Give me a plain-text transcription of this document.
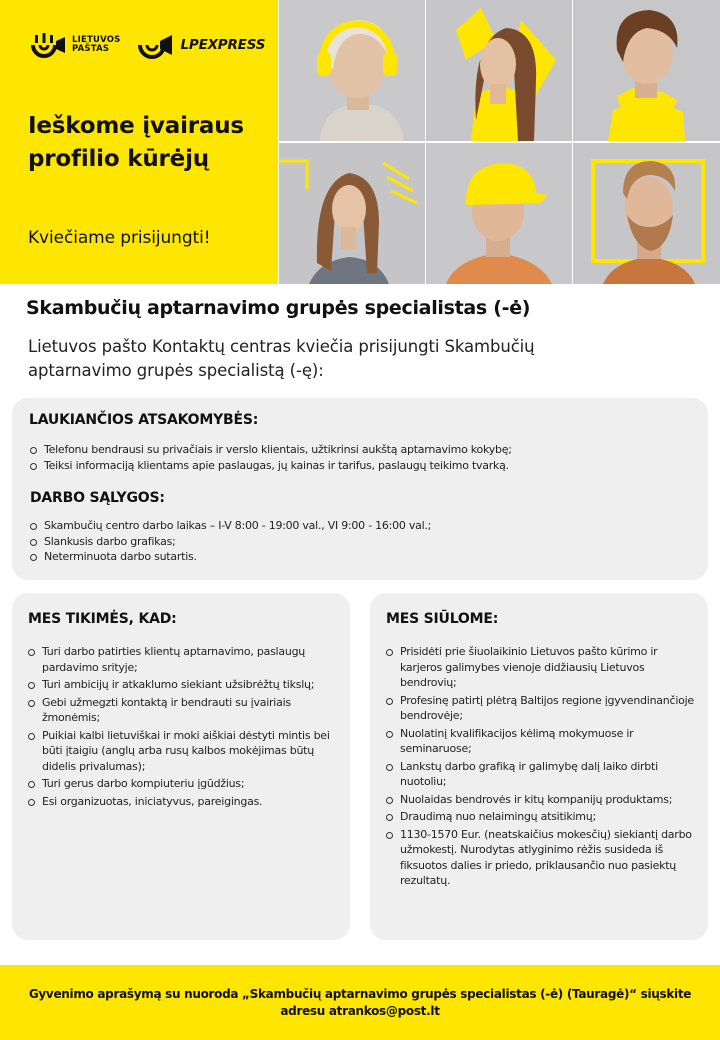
LIETUVOS
PAŠTAS	LPEXPRESS
Ieškome įvairaus
profilio kūrėjų
Kviečiame prisijungti!
Skambučių aptarnavimo grupės specialistas (-ė)
Lietuvos pašto Kontaktų centras kviečia prisijungti Skambučių
aptarnavimo grupės specialistą (-ę):
LAUKIANČIOS ATSAKOMYBĖS:
Telefonu bendrausi su privačiais ir verslo klientais, užtikrinsi aukštą aptarnavimo kokybę;
Teiksi informaciją klientams apie paslaugas, jų kainas ir tarifus, paslaugų teikimo tvarką.
DARBO SĄLYGOS:
Skambučių centro darbo laikas – I-V 8:00 - 19:00 val., VI 9:00 - 16:00 val.;
Slankusis darbo grafikas;
Neterminuota darbo sutartis.
MES TIKIMĖS, KAD:
Turi darbo patirties klientų aptarnavimo, paslaugų pardavimo srityje;
Turi ambicijų ir atkaklumo siekiant užsibrėžtų tikslų;
Gebi užmegzti kontaktą ir bendrauti su įvairiais žmonėmis;
Puikiai kalbi lietuviškai ir moki aiškiai dėstyti mintis bei būti įtaigiu (anglų arba rusų kalbos mokėjimas būtų didelis privalumas);
Turi gerus darbo kompiuteriu įgūdžius;
Esi organizuotas, iniciatyvus, pareigingas.
MES SIŪLOME:
Prisidėti prie šiuolaikinio Lietuvos pašto kūrimo ir karjeros galimybes vienoje didžiausių Lietuvos bendrovių;
Profesinę patirtį plėtrą Baltijos regione įgyvendinančioje bendrovėje;
Nuolatinį kvalifikacijos kėlimą mokymuose ir seminaruose;
Lankstų darbo grafiką ir galimybę dalį laiko dirbti nuotoliu;
Nuolaidas bendrovės ir kitų kompanijų produktams;
Draudimą nuo nelaimingų atsitikimų;
1130-1570 Eur. (neatskaičius mokesčių) siekiantį darbo užmokestį. Nurodytas atlyginimo rėžis susideda iš fiksuotos dalies ir priedo, priklausančio nuo pasiektų rezultatų.

Gyvenimo aprašymą su nuoroda „Skambučių aptarnavimo grupės specialistas (-ė) (Tauragė)“ siųskite

adresu atrankos@post.lt
